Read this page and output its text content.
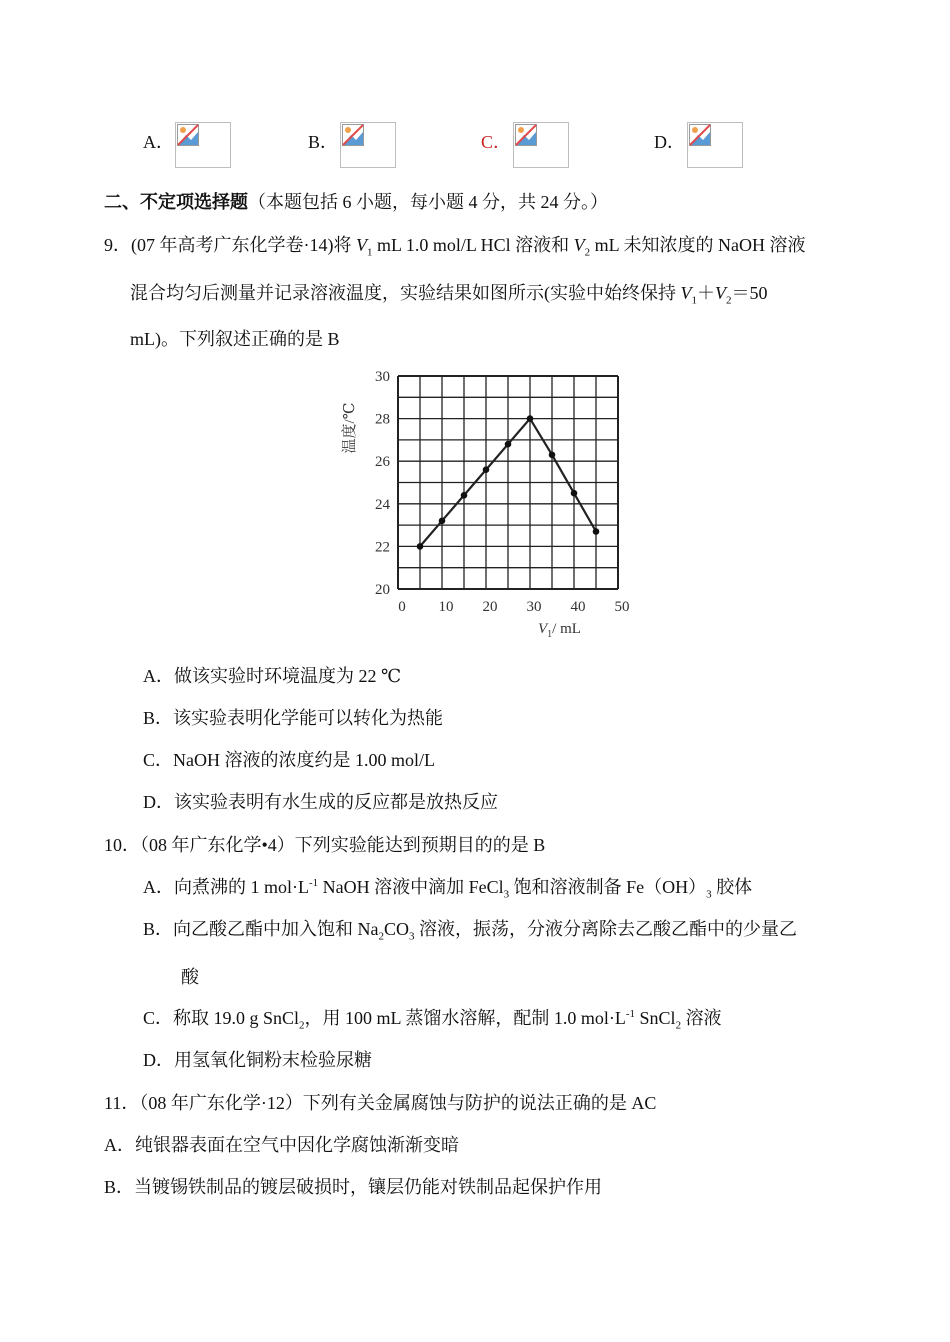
A．	B．	C．	D．
二、不定项选择题（本题包括 6 小题，每小题 4 分，共 24 分。）
9．(07 年高考广东化学卷·14)将 $V_1$ mL 1.0 mol/L HCl 溶液和 $V_2$ mL 未知浓度的 NaOH 溶液
混合均匀后测量并记录溶液温度，实验结果如图所示(实验中始终保持 $V_1+V_2=50$
mL)。下列叙述正确的是 B
20
22
24
26
28
30
0 10 20 30 40 50
温度/℃
$V_1/$ mL
A．做该实验时环境温度为 22 ℃
B．该实验表明化学能可以转化为热能
C．NaOH 溶液的浓度约是 1.00 mol/L
D．该实验表明有水生成的反应都是放热反应
10．（08 年广东化学•4）下列实验能达到预期目的的是 B
A．向煮沸的 1 $mol\cdot L^{-1}$ NaOH 溶液中滴加 FeCl$_3$ 饱和溶液制备 $Fe(OH)_3$ 胶体
B．向乙酸乙酯中加入饱和 $Na_2CO_3$ 溶液，振荡，分液分离除去乙酸乙酯中的少量乙
酸
C．称取 19.0 g SnCl$_2$，用 100 mL 蒸馏水溶解，配制 1.0 $mol\cdot L^{-1}$ SnCl$_2$ 溶液
D．用氢氧化铜粉末检验尿糖
11．（08 年广东化学·12）下列有关金属腐蚀与防护的说法正确的是 AC
A．纯银器表面在空气中因化学腐蚀渐渐变暗
B．当镀锡铁制品的镀层破损时，镶层仍能对铁制品起保护作用
